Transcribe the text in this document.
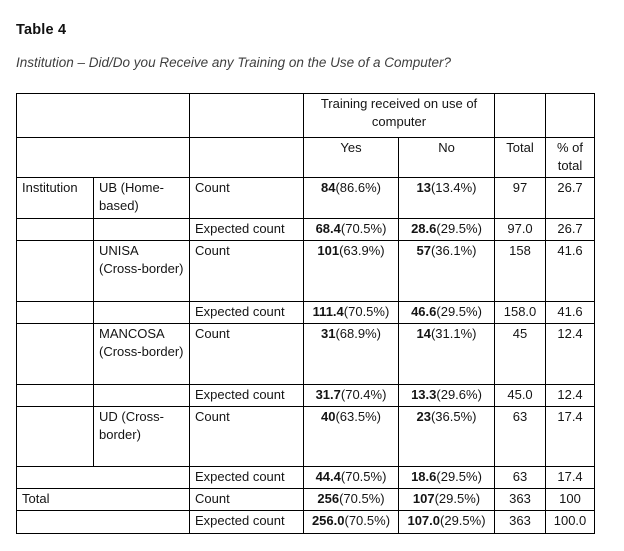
Table 4
Institution – Did/Do you Receive any Training on the Use of a Computer?
			Training received on use of computer			
			Yes	No	Total	% of total
Institution	UB (Home-based)	Count	84(86.6%)	13(13.4%)	97	26.7
		Expected count	68.4(70.5%)	28.6(29.5%)	97.0	26.7
	UNISA (Cross-border)	Count	101(63.9%)	57(36.1%)	158	41.6
		Expected count	111.4(70.5%)	46.6(29.5%)	158.0	41.6
	MANCOSA (Cross-border)	Count	31(68.9%)	14(31.1%)	45	12.4
		Expected count	31.7(70.4%)	13.3(29.6%)	45.0	12.4
	UD (Cross-border)	Count	40(63.5%)	23(36.5%)	63	17.4
		Expected count	44.4(70.5%)	18.6(29.5%)	63	17.4
Total		Count	256(70.5%)	107(29.5%)	363	100
		Expected count	256.0(70.5%)	107.0(29.5%)	363	100.0
